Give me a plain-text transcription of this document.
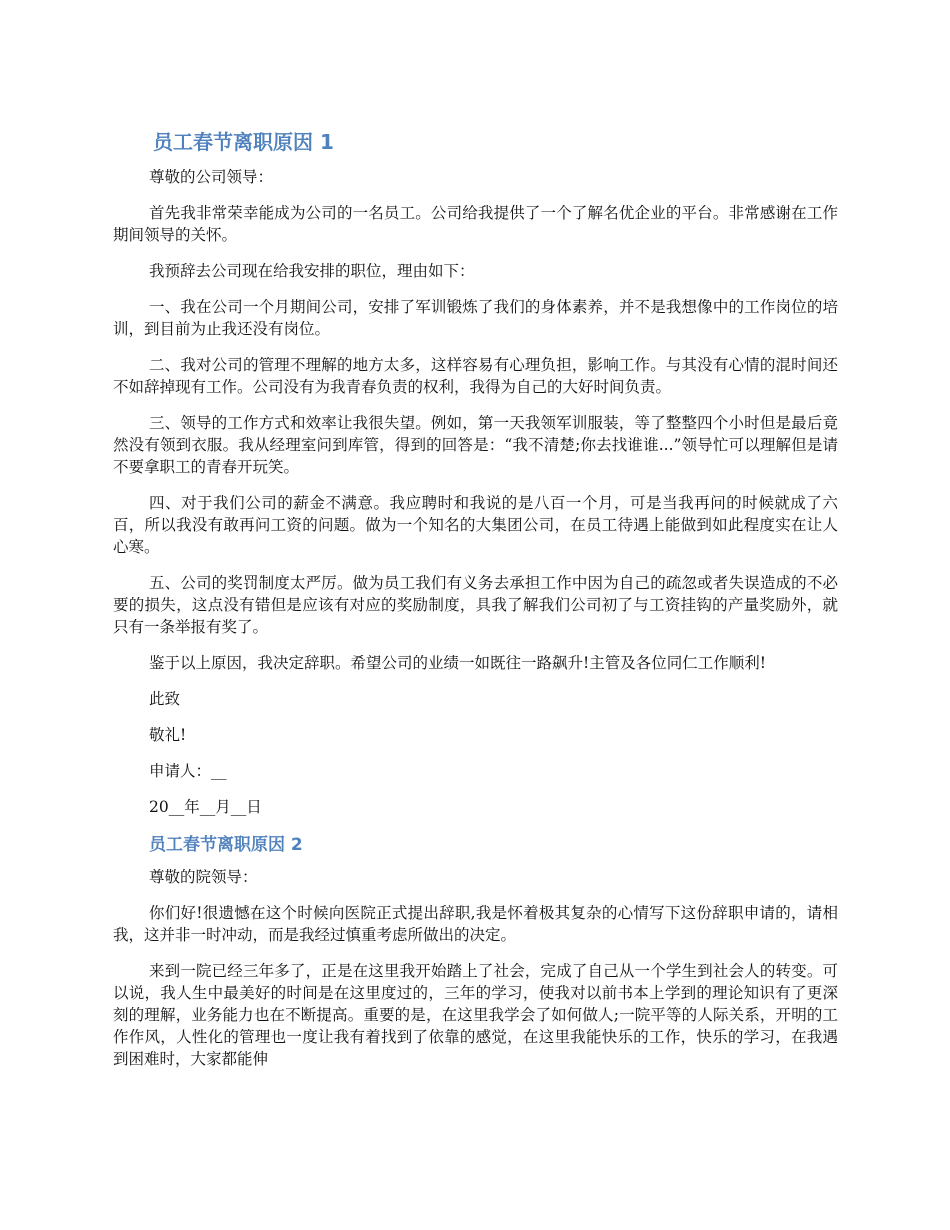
员工春节离职原因 1

尊敬的公司领导：

首先我非常荣幸能成为公司的一名员工。公司给我提供了一个了解名优企业的平台。非常感谢在工作期间领导的关怀。

我预辞去公司现在给我安排的职位，理由如下：

一、我在公司一个月期间公司，安排了军训锻炼了我们的身体素养，并不是我想像中的工作岗位的培训，到目前为止我还没有岗位。

二、我对公司的管理不理解的地方太多，这样容易有心理负担，影响工作。与其没有心情的混时间还不如辞掉现有工作。公司没有为我青春负责的权利，我得为自己的大好时间负责。

三、领导的工作方式和效率让我很失望。例如，第一天我领军训服装，等了整整四个小时但是最后竟然没有领到衣服。我从经理室问到库管，得到的回答是：“我不清楚;你去找谁谁...”领导忙可以理解但是请不要拿职工的青春开玩笑。

四、对于我们公司的薪金不满意。我应聘时和我说的是八百一个月，可是当我再问的时候就成了六百，所以我没有敢再问工资的问题。做为一个知名的大集团公司，在员工待遇上能做到如此程度实在让人心寒。

五、公司的奖罚制度太严厉。做为员工我们有义务去承担工作中因为自己的疏忽或者失误造成的不必要的损失，这点没有错但是应该有对应的奖励制度，具我了解我们公司初了与工资挂钩的产量奖励外，就只有一条举报有奖了。

鉴于以上原因，我决定辞职。希望公司的业绩一如既往一路飙升!主管及各位同仁工作顺利!

此致

敬礼!

申请人：__

20__年__月__日

员工春节离职原因 2

尊敬的院领导：

你们好!很遗憾在这个时候向医院正式提出辞职,我是怀着极其复杂的心情写下这份辞职申请的，请相我，这并非一时冲动，而是我经过慎重考虑所做出的决定。

来到一院已经三年多了，正是在这里我开始踏上了社会，完成了自己从一个学生到社会人的转变。可以说，我人生中最美好的时间是在这里度过的，三年的学习，使我对以前书本上学到的理论知识有了更深刻的理解，业务能力也在不断提高。重要的是，在这里我学会了如何做人;一院平等的人际关系，开明的工作作风，人性化的管理也一度让我有着找到了依靠的感觉，在这里我能快乐的工作，快乐的学习，在我遇到困难时，大家都能伸
